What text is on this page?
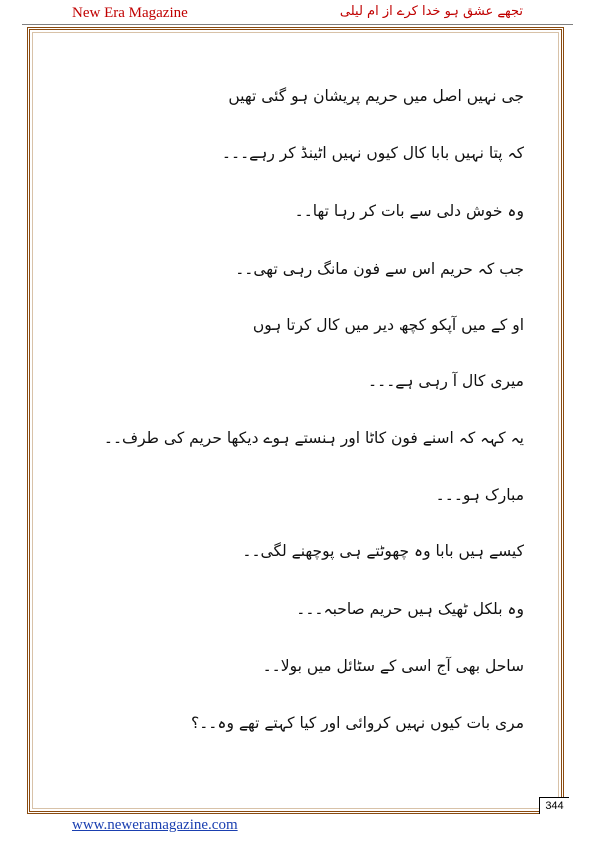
New Era Magazine	تجھے عشق ہو خدا کرے از ام لیلی
جی نہیں اصل میں حریم پریشان ہو گئی تھیں
کہ پتا نہیں بابا کال کیوں نہیں اٹینڈ کر رہے۔۔۔
وہ خوش دلی سے بات کر رہا تھا۔۔
جب کہ حریم اس سے فون مانگ رہی تھی۔۔
او کے میں آپکو کچھ دیر میں کال کرتا ہوں
میری کال آ رہی ہے۔۔۔
یہ کہہ کہ اسنے فون کاٹا اور ہنستے ہوے دیکھا حریم کی طرف۔۔
مبارک ہو۔۔۔
کیسے ہیں بابا وہ چھوٹتے ہی پوچھنے لگی۔۔
وہ بلکل ٹھیک ہیں حریم صاحبہ۔۔۔
ساحل بھی آج اسی کے سٹائل میں بولا۔۔
مری بات کیوں نہیں کروائی اور کیا کہتے تھے وہ۔۔؟
344
www.neweramagazine.com
